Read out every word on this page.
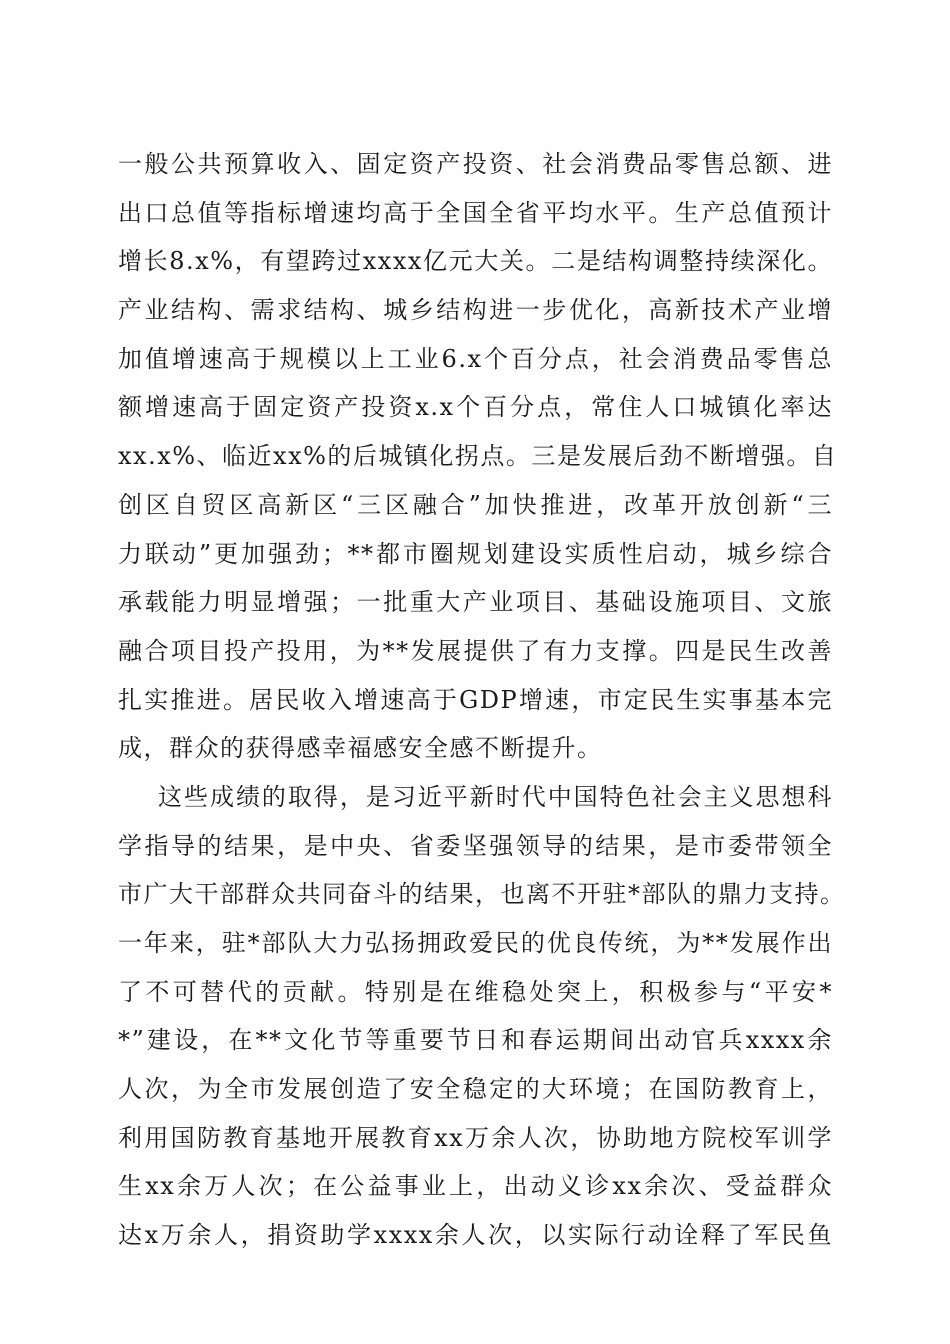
一般公共预算收入、固定资产投资、社会消费品零售总额、进
出口总值等指标增速均高于全国全省平均水平。生产总值预计
增长8.x%，有望跨过xxxx亿元大关。二是结构调整持续深化。
产业结构、需求结构、城乡结构进一步优化，高新技术产业增
加值增速高于规模以上工业6.x个百分点，社会消费品零售总
额增速高于固定资产投资x.x个百分点，常住人口城镇化率达
xx.x%、临近xx%的后城镇化拐点。三是发展后劲不断增强。自
创区自贸区高新区“三区融合”加快推进，改革开放创新“三
力联动”更加强劲；**都市圈规划建设实质性启动，城乡综合
承载能力明显增强；一批重大产业项目、基础设施项目、文旅
融合项目投产投用，为**发展提供了有力支撑。四是民生改善
扎实推进。居民收入增速高于GDP增速，市定民生实事基本完
成，群众的获得感幸福感安全感不断提升。
这些成绩的取得，是习近平新时代中国特色社会主义思想科
学指导的结果，是中央、省委坚强领导的结果，是市委带领全
市广大干部群众共同奋斗的结果，也离不开驻*部队的鼎力支持。
一年来，驻*部队大力弘扬拥政爱民的优良传统，为**发展作出
了不可替代的贡献。特别是在维稳处突上，积极参与“平安*
*”建设，在**文化节等重要节日和春运期间出动官兵xxxx余
人次，为全市发展创造了安全稳定的大环境；在国防教育上，
利用国防教育基地开展教育xx万余人次，协助地方院校军训学
生xx余万人次；在公益事业上，出动义诊xx余次、受益群众
达x万余人，捐资助学xxxx余人次，以实际行动诠释了军民鱼
